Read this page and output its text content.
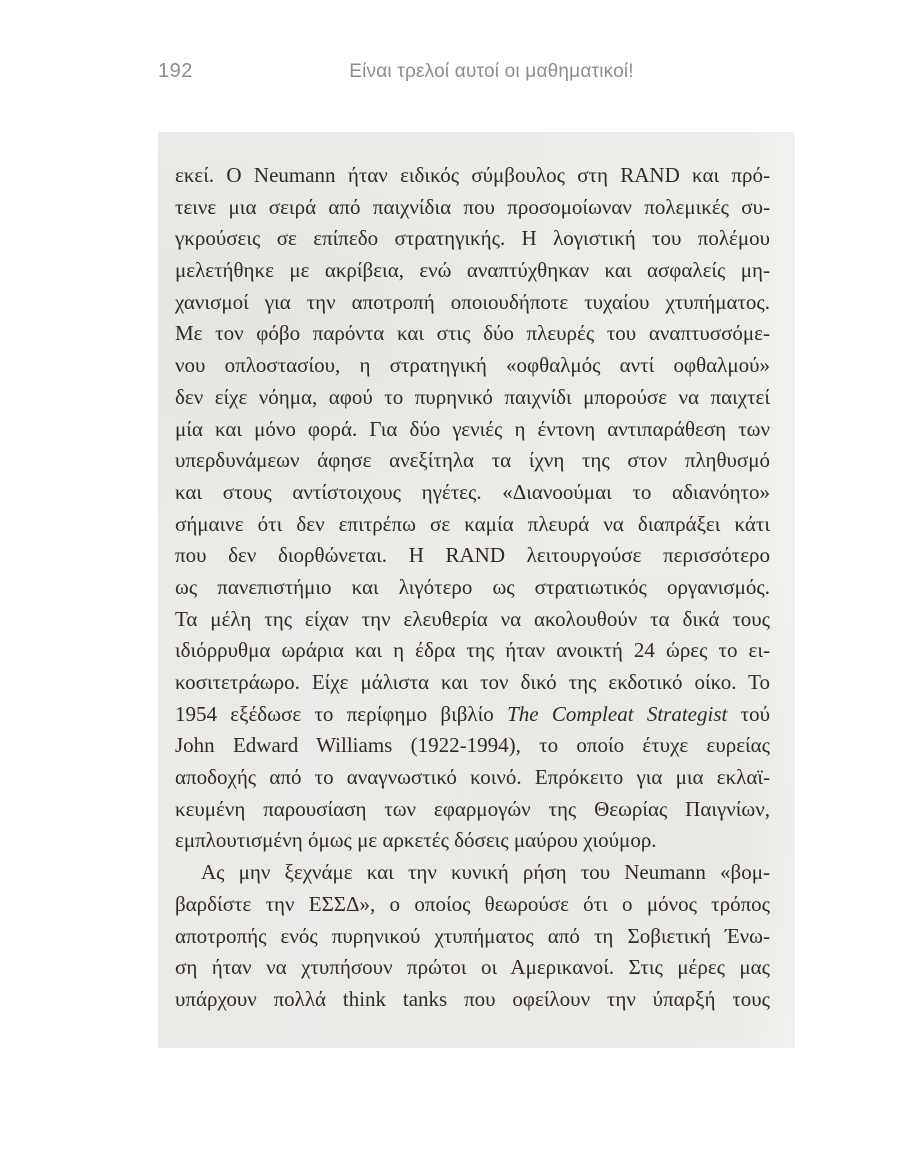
192	Είναι τρελοί αυτοί οι μαθηματικοί!
εκεί. Ο Neumann ήταν ειδικός σύμβουλος στη RAND και πρό-
τεινε μια σειρά από παιχνίδια που προσομοίωναν πολεμικές συ-
γκρούσεις σε επίπεδο στρατηγικής. Η λογιστική του πολέμου
μελετήθηκε με ακρίβεια, ενώ αναπτύχθηκαν και ασφαλείς μη-
χανισμοί για την αποτροπή οποιουδήποτε τυχαίου χτυπήματος.
Με τον φόβο παρόντα και στις δύο πλευρές του αναπτυσσόμε-
νου οπλοστασίου, η στρατηγική «οφθαλμός αντί οφθαλμού»
δεν είχε νόημα, αφού το πυρηνικό παιχνίδι μπορούσε να παιχτεί
μία και μόνο φορά. Για δύο γενιές η έντονη αντιπαράθεση των
υπερδυνάμεων άφησε ανεξίτηλα τα ίχνη της στον πληθυσμό
και στους αντίστοιχους ηγέτες. «Διανοούμαι το αδιανόητο»
σήμαινε ότι δεν επιτρέπω σε καμία πλευρά να διαπράξει κάτι
που δεν διορθώνεται. Η RAND λειτουργούσε περισσότερο
ως πανεπιστήμιο και λιγότερο ως στρατιωτικός οργανισμός.
Τα μέλη της είχαν την ελευθερία να ακολουθούν τα δικά τους
ιδιόρρυθμα ωράρια και η έδρα της ήταν ανοικτή 24 ώρες το ει-
κοσιτετράωρο. Είχε μάλιστα και τον δικό της εκδοτικό οίκο. Το
1954 εξέδωσε το περίφημο βιβλίο The Compleat Strategist τού
John Edward Williams (1922-1994), το οποίο έτυχε ευρείας
αποδοχής από το αναγνωστικό κοινό. Επρόκειτο για μια εκλαϊ-
κευμένη παρουσίαση των εφαρμογών της Θεωρίας Παιγνίων,
εμπλουτισμένη όμως με αρκετές δόσεις μαύρου χιούμορ.
Ας μην ξεχνάμε και την κυνική ρήση του Neumann «βομ-
βαρδίστε την ΕΣΣΔ», ο οποίος θεωρούσε ότι ο μόνος τρόπος
αποτροπής ενός πυρηνικού χτυπήματος από τη Σοβιετική Ένω-
ση ήταν να χτυπήσουν πρώτοι οι Αμερικανοί. Στις μέρες μας
υπάρχουν πολλά think tanks που οφείλουν την ύπαρξή τους
